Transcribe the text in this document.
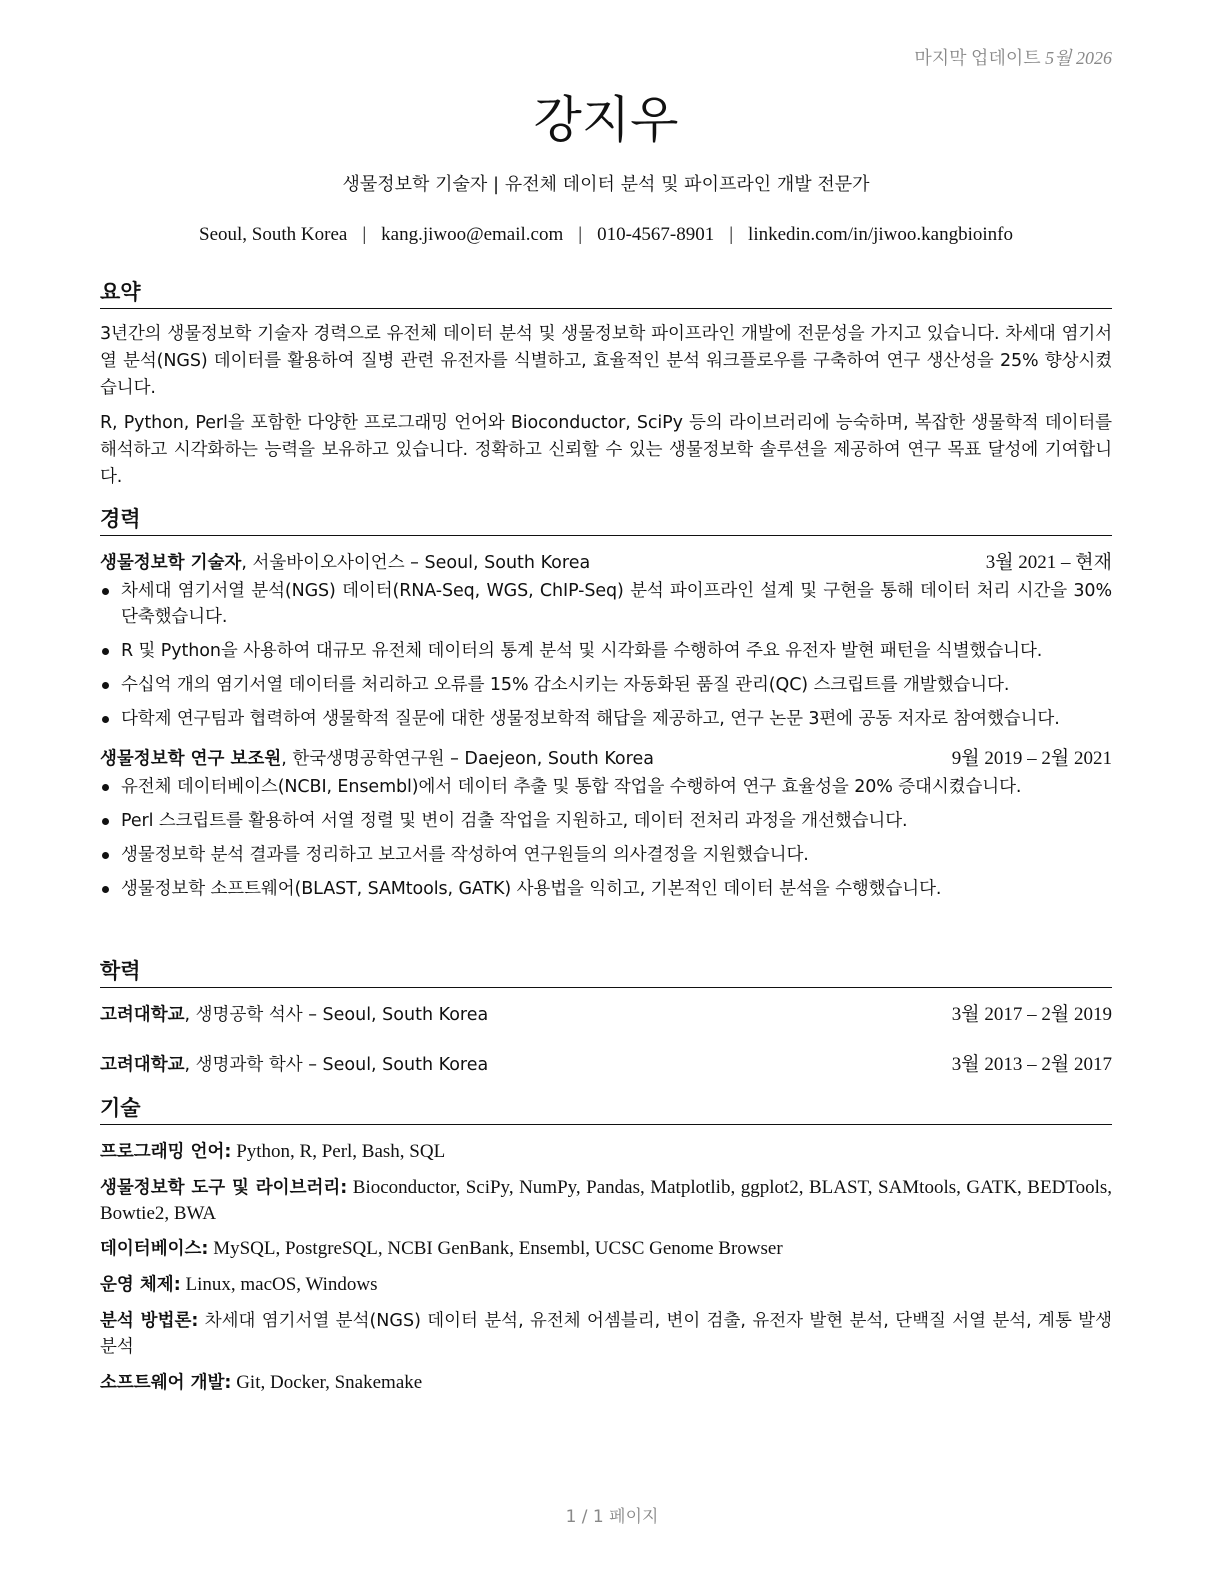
마지막 업데이트 5월 2026
강지우
생물정보학 기술자 | 유전체 데이터 분석 및 파이프라인 개발 전문가
Seoul, South Korea | kang.jiwoo@email.com | 010-4567-8901 | linkedin.com/in/jiwoo.kangbioinfo
요약

3년간의 생물정보학 기술자 경력으로 유전체 데이터 분석 및 생물정보학 파이프라인 개발에 전문성을 가지고 있습니다. 차세대 염기서열 분석(NGS) 데이터를 활용하여 질병 관련 유전자를 식별하고, 효율적인 분석 워크플로우를 구축하여 연구 생산성을 25% 향상시켰습니다.

R, Python, Perl을 포함한 다양한 프로그래밍 언어와 Bioconductor, SciPy 등의 라이브러리에 능숙하며, 복잡한 생물학적 데이터를 해석하고 시각화하는 능력을 보유하고 있습니다. 정확하고 신뢰할 수 있는 생물정보학 솔루션을 제공하여 연구 목표 달성에 기여합니다.

경력
생물정보학 기술자, 서울바이오사이언스 – Seoul, South Korea	3월 2021 – 현재
차세대 염기서열 분석(NGS) 데이터(RNA-Seq, WGS, ChIP-Seq) 분석 파이프라인 설계 및 구현을 통해 데이터 처리 시간을 30% 단축했습니다.
R 및 Python을 사용하여 대규모 유전체 데이터의 통계 분석 및 시각화를 수행하여 주요 유전자 발현 패턴을 식별했습니다.
수십억 개의 염기서열 데이터를 처리하고 오류를 15% 감소시키는 자동화된 품질 관리(QC) 스크립트를 개발했습니다.
다학제 연구팀과 협력하여 생물학적 질문에 대한 생물정보학적 해답을 제공하고, 연구 논문 3편에 공동 저자로 참여했습니다.
생물정보학 연구 보조원, 한국생명공학연구원 – Daejeon, South Korea	9월 2019 – 2월 2021
유전체 데이터베이스(NCBI, Ensembl)에서 데이터 추출 및 통합 작업을 수행하여 연구 효율성을 20% 증대시켰습니다.
Perl 스크립트를 활용하여 서열 정렬 및 변이 검출 작업을 지원하고, 데이터 전처리 과정을 개선했습니다.
생물정보학 분석 결과를 정리하고 보고서를 작성하여 연구원들의 의사결정을 지원했습니다.
생물정보학 소프트웨어(BLAST, SAMtools, GATK) 사용법을 익히고, 기본적인 데이터 분석을 수행했습니다.
학력
고려대학교, 생명공학 석사 – Seoul, South Korea	3월 2017 – 2월 2019
고려대학교, 생명과학 학사 – Seoul, South Korea	3월 2013 – 2월 2017
기술
프로그래밍 언어: Python, R, Perl, Bash, SQL
생물정보학 도구 및 라이브러리: Bioconductor, SciPy, NumPy, Pandas, Matplotlib, ggplot2, BLAST, SAMtools, GATK, BEDTools, Bowtie2, BWA
데이터베이스: MySQL, PostgreSQL, NCBI GenBank, Ensembl, UCSC Genome Browser
운영 체제: Linux, macOS, Windows
분석 방법론: 차세대 염기서열 분석(NGS) 데이터 분석, 유전체 어셈블리, 변이 검출, 유전자 발현 분석, 단백질 서열 분석, 계통 발생 분석
소프트웨어 개발: Git, Docker, Snakemake
1 / 1 페이지
